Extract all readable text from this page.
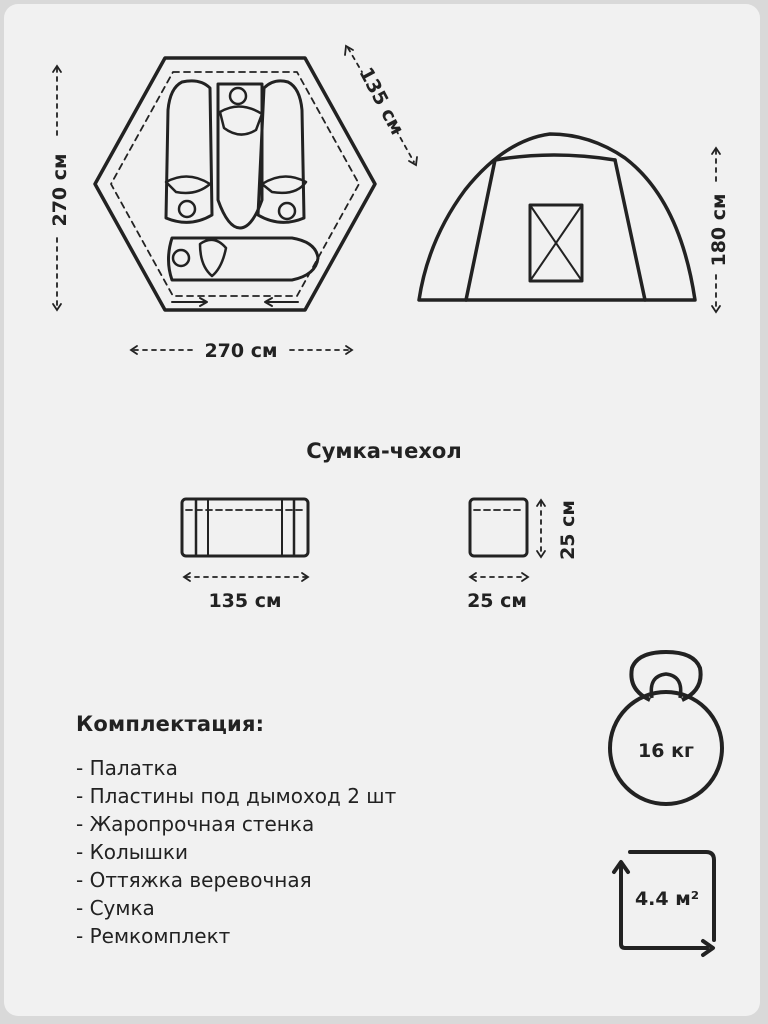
270 см
270 см
135 см
180 см
Сумка-чехол
135 см	25 см
25 см
16 кг
4.4 м²
Комплектация:
- Палатка
- Пластины под дымоход 2 шт
- Жаропрочная стенка
- Колышки
- Оттяжка веревочная
- Сумка
- Ремкомплект
